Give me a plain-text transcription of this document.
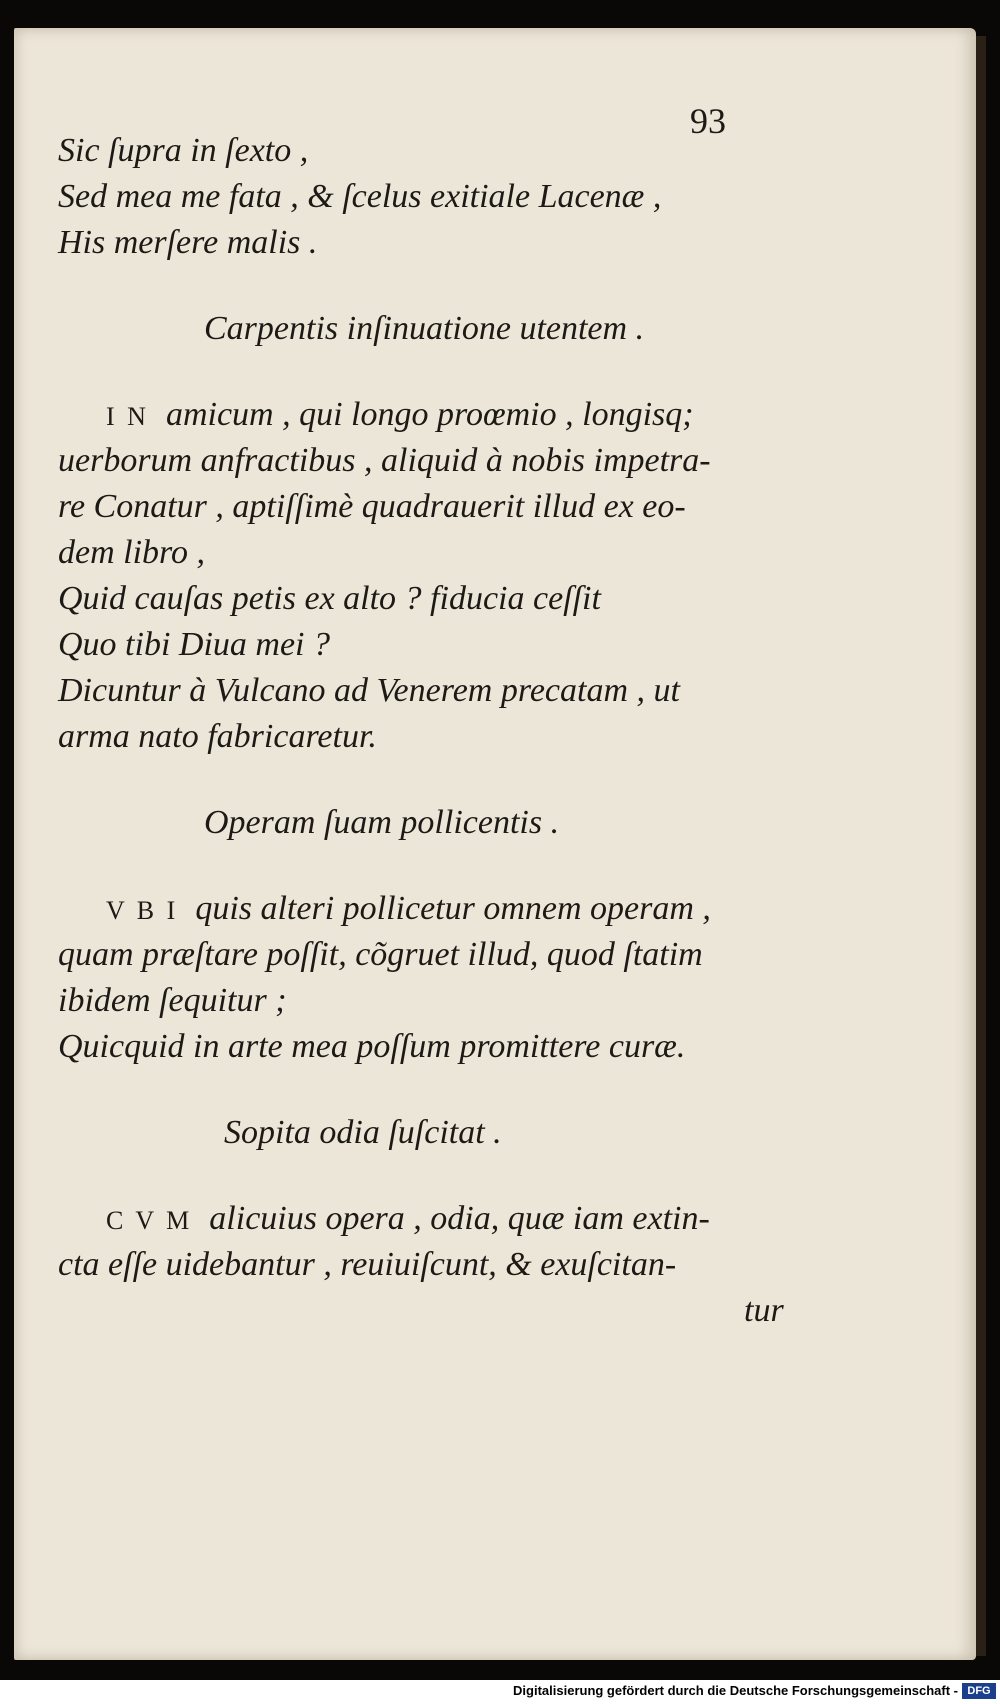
93
Sic ſupra in ſexto ,
Sed mea me fata , & ſcelus exitiale Lacenæ ,
His merſere malis .
Carpentis inſinuatione utentem .
I N amicum , qui longo proœmio , longisq;
uerborum anfractibus , aliquid à nobis impetra-
re Conatur , aptiſſimè quadrauerit illud ex eo-
dem libro ,
Quid cauſas petis ex alto ? fiducia ceſſit
Quo tibi Diua mei ?
Dicuntur à Vulcano ad Venerem precatam , ut
arma nato fabricaretur.
Operam ſuam pollicentis .
V B I quis alteri pollicetur omnem operam ,
quam præſtare poſſit, cõgruet illud, quod ſtatim
ibidem ſequitur ;
Quicquid in arte mea poſſum promittere curæ.
Sopita odia ſuſcitat .
C V M alicuius opera , odia, quæ iam extin-
cta eſſe uidebantur , reuiuiſcunt, & exuſcitan-
tur
Digitalisierung gefördert durch die Deutsche Forschungsgemeinschaft - DFG
